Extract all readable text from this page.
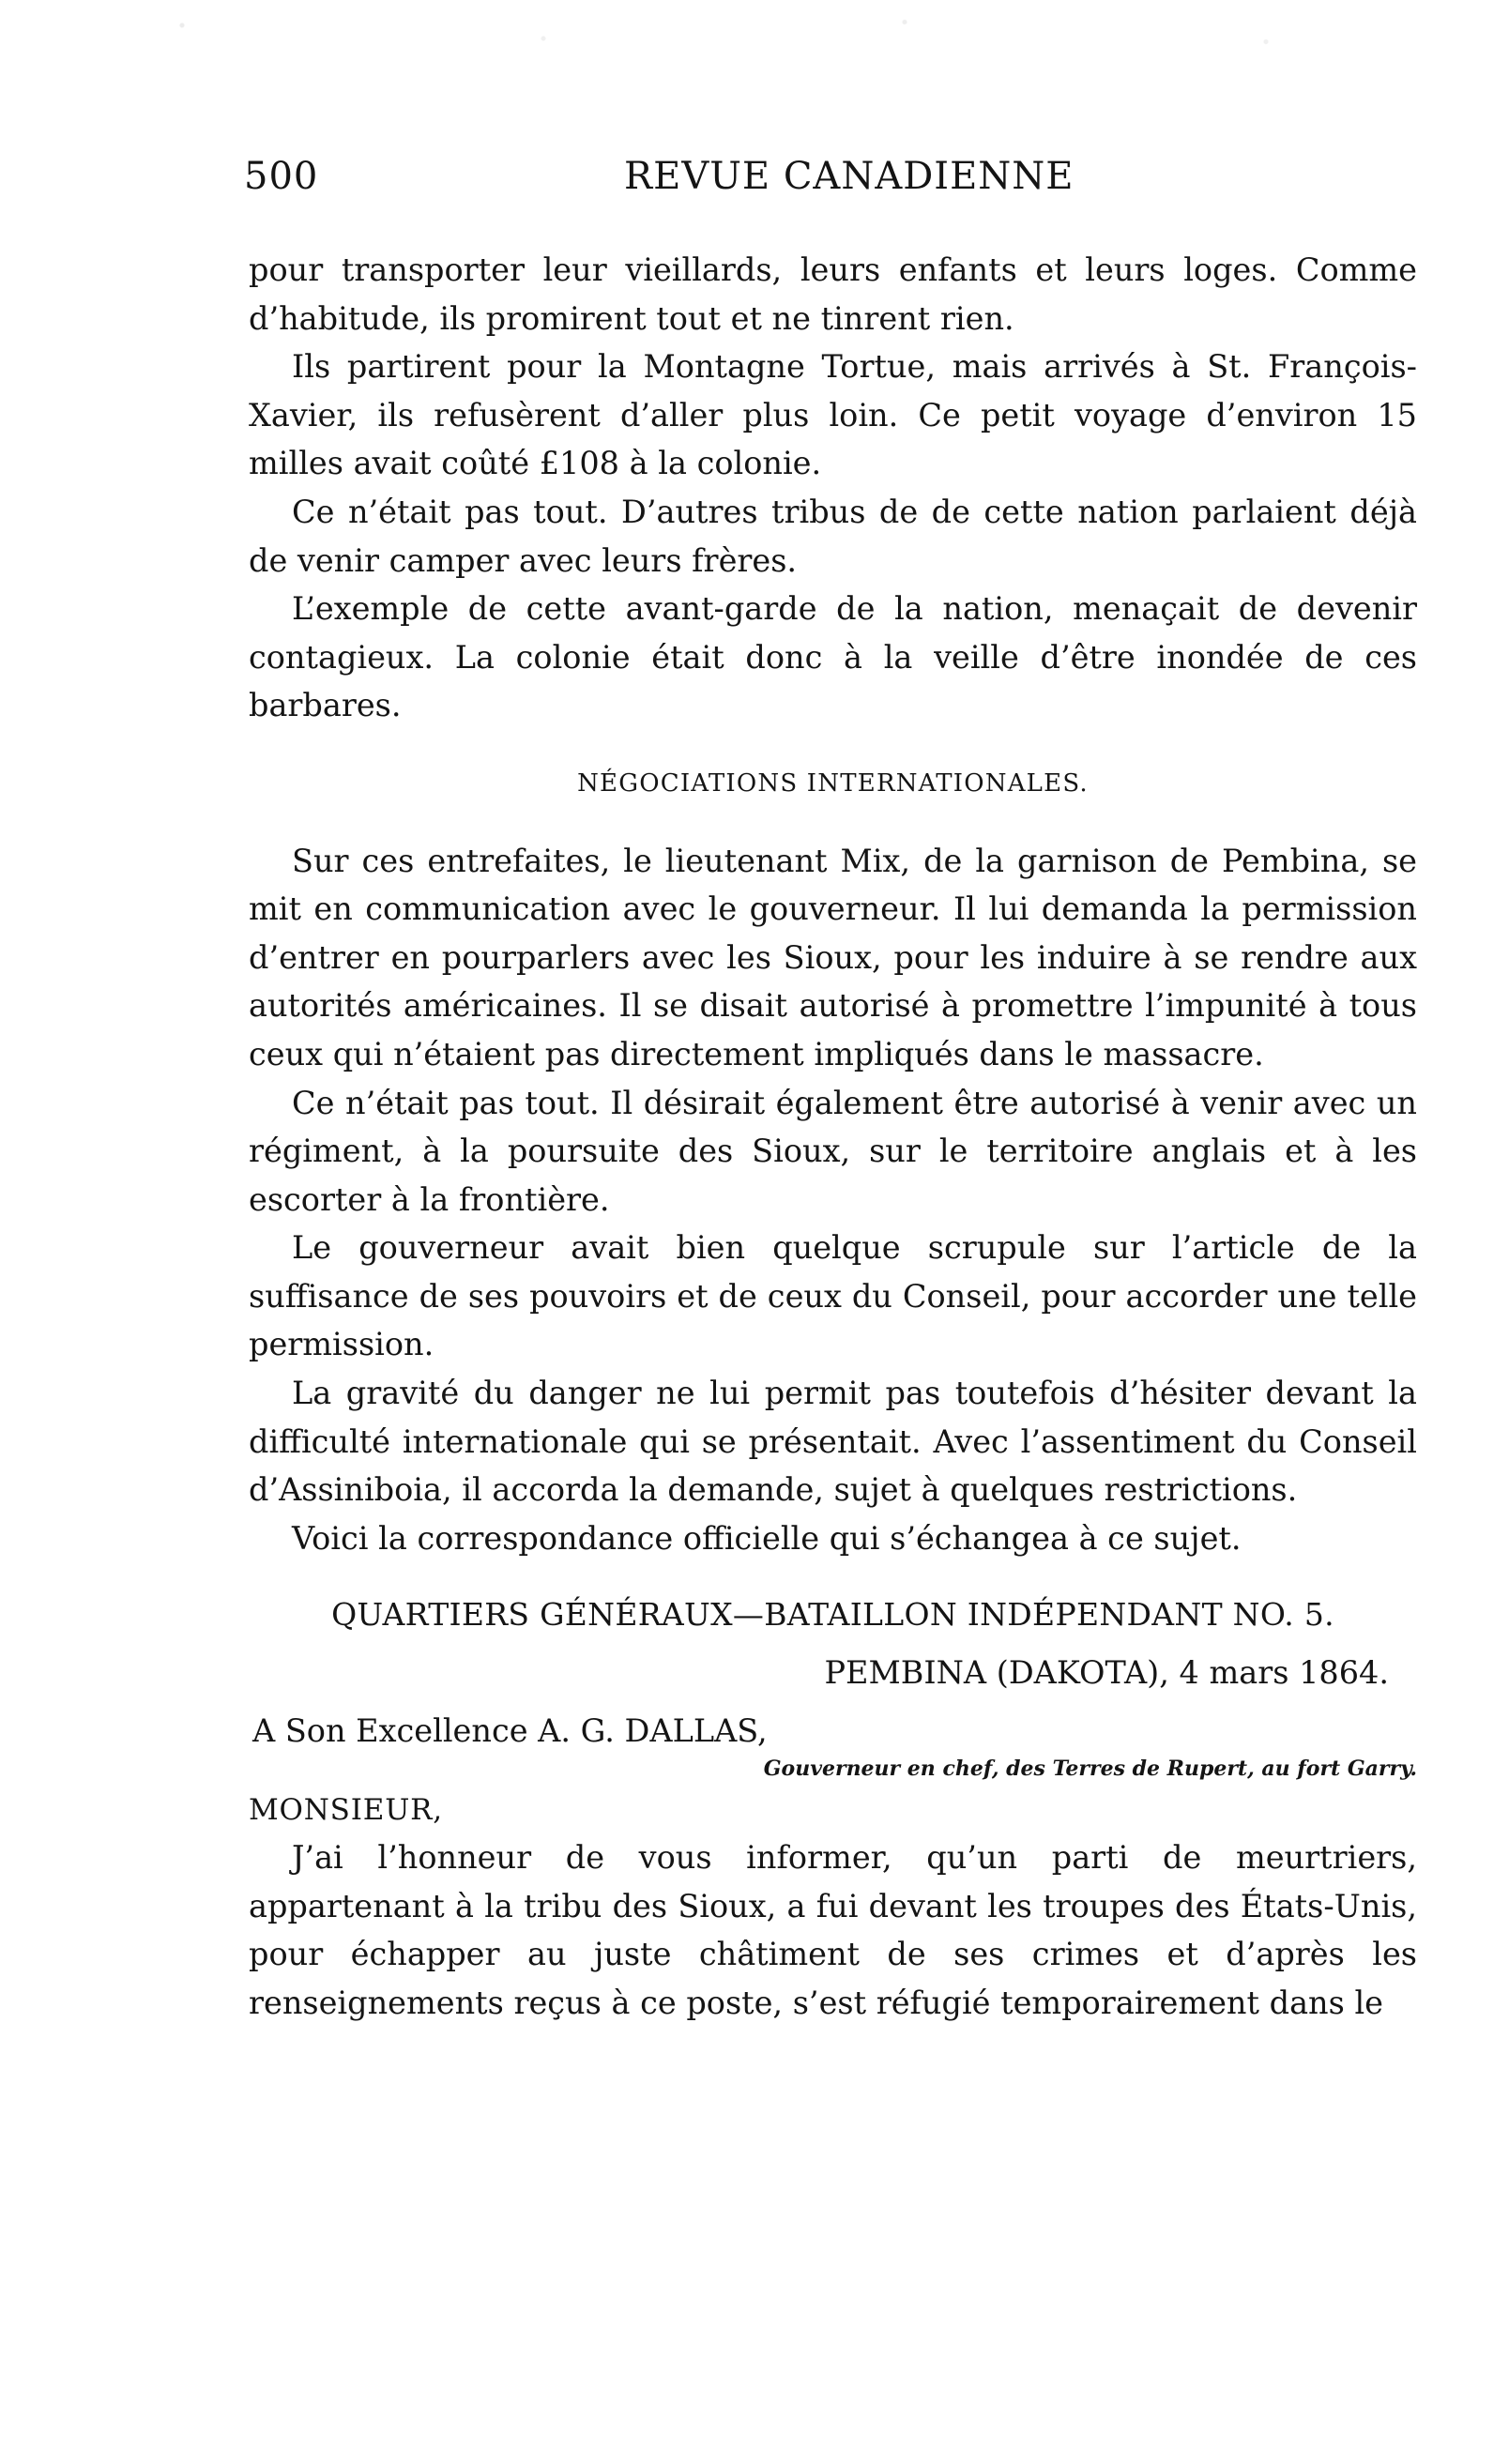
500	REVUE CANADIENNE

pour transporter leur vieillards, leurs enfants et leurs loges. Comme d’habitude, ils promirent tout et ne tinrent rien.

Ils partirent pour la Montagne Tortue, mais arrivés à St. François-Xavier, ils refusèrent d’aller plus loin. Ce petit voyage d’environ 15 milles avait coûté £108 à la colonie.

Ce n’était pas tout. D’autres tribus de de cette nation parlaient déjà de venir camper avec leurs frères.

L’exemple de cette avant-garde de la nation, menaçait de devenir contagieux. La colonie était donc à la veille d’être inondée de ces barbares.

NÉGOCIATIONS INTERNATIONALES.

Sur ces entrefaites, le lieutenant Mix, de la garnison de Pembina, se mit en communication avec le gouverneur. Il lui demanda la permission d’entrer en pourparlers avec les Sioux, pour les induire à se rendre aux autorités américaines. Il se disait autorisé à promettre l’impunité à tous ceux qui n’étaient pas directement impliqués dans le massacre.

Ce n’était pas tout. Il désirait également être autorisé à venir avec un régiment, à la poursuite des Sioux, sur le territoire anglais et à les escorter à la frontière.

Le gouverneur avait bien quelque scrupule sur l’article de la suffisance de ses pouvoirs et de ceux du Conseil, pour accorder une telle permission.

La gravité du danger ne lui permit pas toutefois d’hésiter devant la difficulté internationale qui se présentait. Avec l’assentiment du Conseil d’Assiniboia, il accorda la demande, sujet à quelques restrictions.

Voici la correspondance officielle qui s’échangea à ce sujet.

QUARTIERS GÉNÉRAUX—BATAILLON INDÉPENDANT NO. 5.
PEMBINA (DAKOTA), 4 mars 1864.
A Son Excellence A. G. DALLAS,
Gouverneur en chef, des Terres de Rupert, au fort Garry.
MONSIEUR,

J’ai l’honneur de vous informer, qu’un parti de meurtriers, appartenant à la tribu des Sioux, a fui devant les troupes des États-Unis, pour échapper au juste châtiment de ses crimes et d’après les renseignements reçus à ce poste, s’est réfugié temporairement dans le
